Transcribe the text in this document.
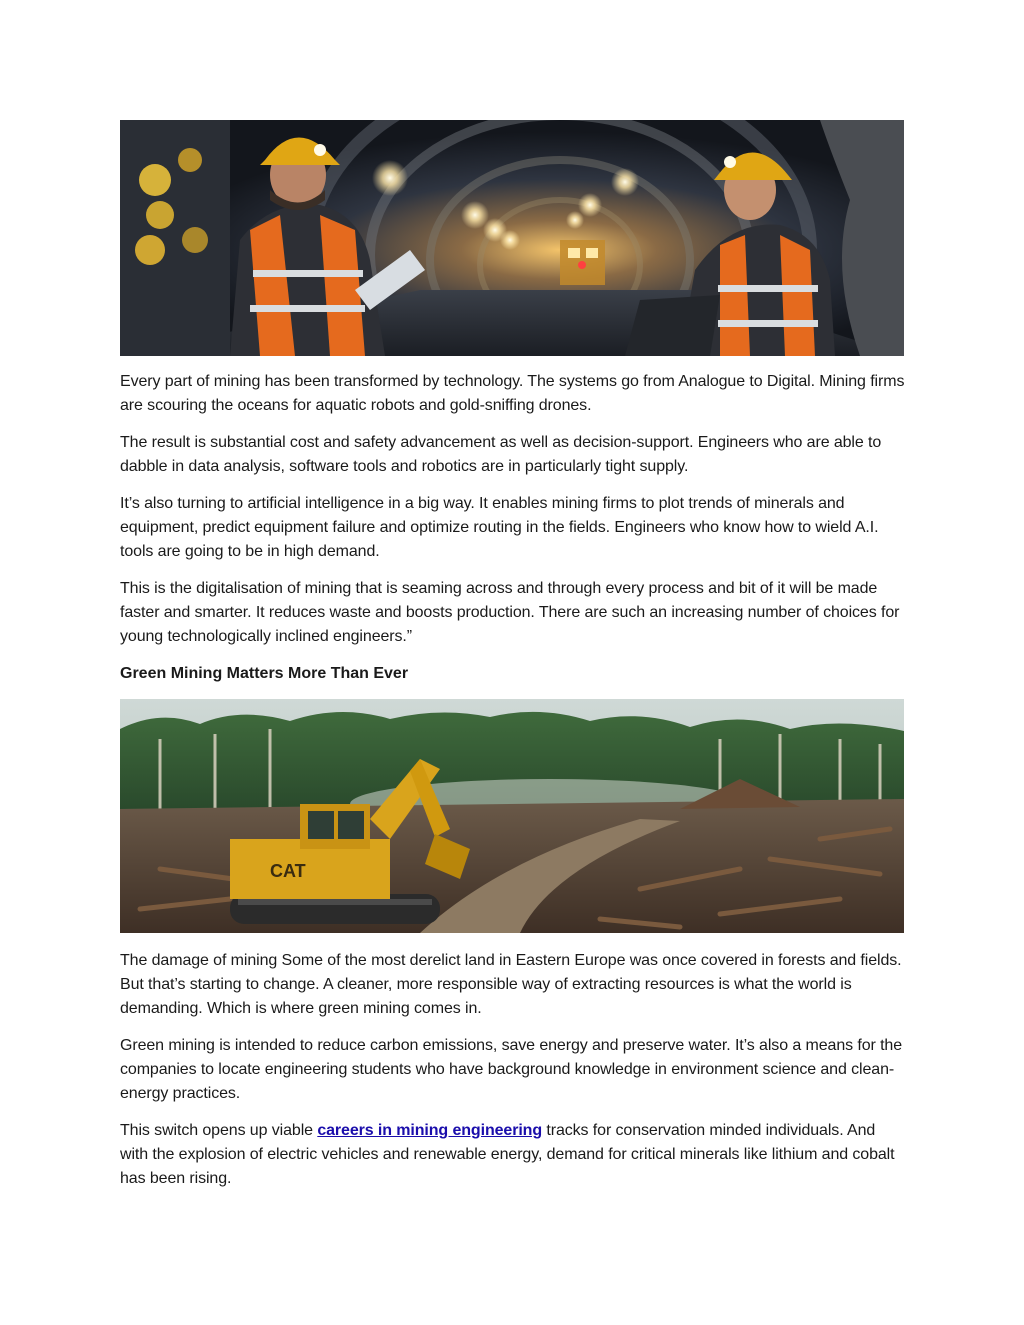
Every part of mining has been transformed by technology. The systems go from Analogue to Digital. Mining firms are scouring the oceans for aquatic robots and gold-sniffing drones.

The result is substantial cost and safety advancement as well as decision-support. Engineers who are able to dabble in data analysis, software tools and robotics are in particularly tight supply.

It’s also turning to artificial intelligence in a big way. It enables mining firms to plot trends of minerals and equipment, predict equipment failure and optimize routing in the fields. Engineers who know how to wield A.I. tools are going to be in high demand.

This is the digitalisation of mining that is seaming across and through every process and bit of it will be made faster and smarter. It reduces waste and boosts production. There are such an increasing number of choices for young technologically inclined engineers.”

Green Mining Matters More Than Ever
CAT

The damage of mining Some of the most derelict land in Eastern Europe was once covered in forests and fields. But that’s starting to change. A cleaner, more responsible way of extracting resources is what the world is demanding. Which is where green mining comes in.

Green mining is intended to reduce carbon emissions, save energy and preserve water. It’s also a means for the companies to locate engineering students who have background knowledge in environment science and clean-energy practices.

This switch opens up viable careers in mining engineering tracks for conservation minded individuals. And with the explosion of electric vehicles and renewable energy, demand for critical minerals like lithium and cobalt has been rising.
